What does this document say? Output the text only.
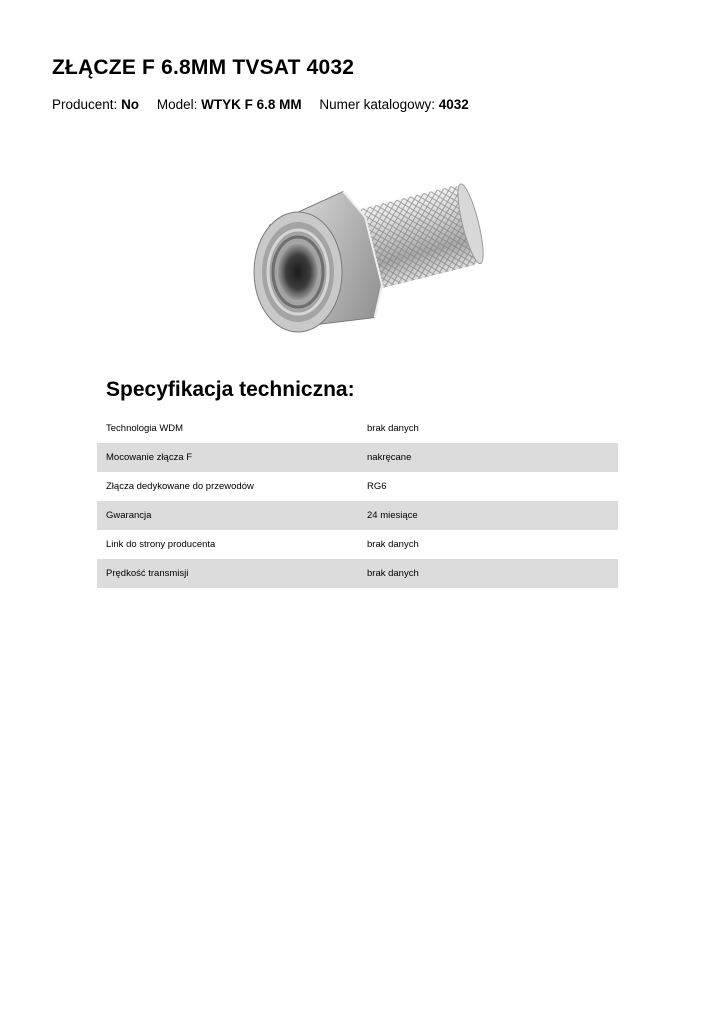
ZŁĄCZE F 6.8MM TVSAT 4032
Producent: No Model: WTYK F 6.8 MM Numer katalogowy: 4032
Specyfikacja techniczna:
Technologia WDM	brak danych
Mocowanie złącza F	nakręcane
Złącza dedykowane do przewodów	RG6
Gwarancja	24 miesiące
Link do strony producenta	brak danych
Prędkość transmisji	brak danych
